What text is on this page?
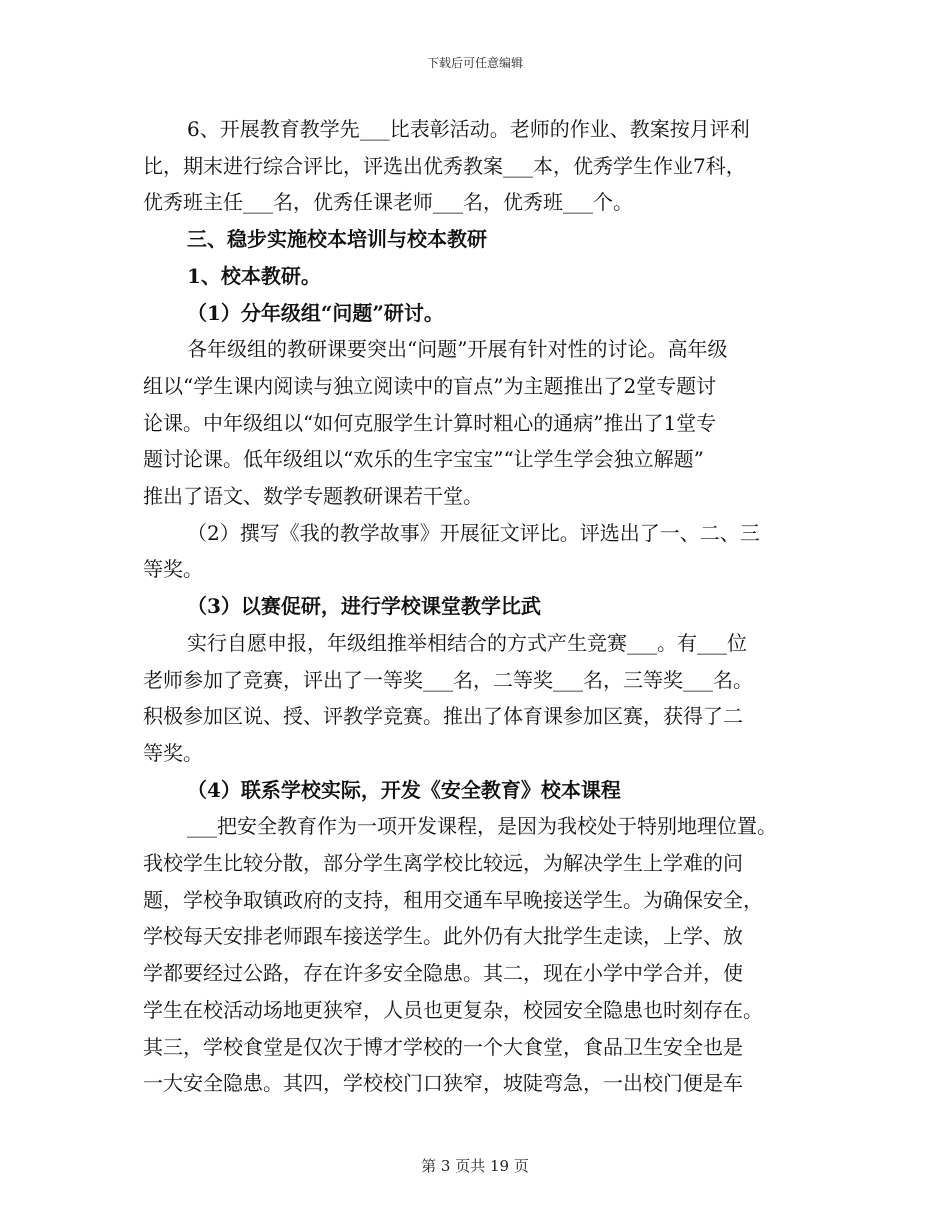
下载后可任意编辑
6、开展教育教学先___比表彰活动。老师的作业、教案按月评利
比，期末进行综合评比，评选出优秀教案___本，优秀学生作业7科，
优秀班主任___名，优秀任课老师___名，优秀班___个。
三、稳步实施校本培训与校本教研
1、校本教研。
（1）分年级组“问题”研讨。
各年级组的教研课要突出“问题”开展有针对性的讨论。高年级
组以“学生课内阅读与独立阅读中的盲点”为主题推出了2堂专题讨
论课。中年级组以“如何克服学生计算时粗心的通病”推出了1堂专
题讨论课。低年级组以“欢乐的生字宝宝”“让学生学会独立解题”
推出了语文、数学专题教研课若干堂。
（2）撰写《我的教学故事》开展征文评比。评选出了一、二、三
等奖。
（3）以赛促研，进行学校课堂教学比武
实行自愿申报，年级组推举相结合的方式产生竞赛___。有___位
老师参加了竞赛，评出了一等奖___名，二等奖___名，三等奖___名。
积极参加区说、授、评教学竞赛。推出了体育课参加区赛，获得了二
等奖。
（4）联系学校实际，开发《安全教育》校本课程
___把安全教育作为一项开发课程，是因为我校处于特别地理位置。
我校学生比较分散，部分学生离学校比较远，为解决学生上学难的问
题，学校争取镇政府的支持，租用交通车早晚接送学生。为确保安全，
学校每天安排老师跟车接送学生。此外仍有大批学生走读，上学、放
学都要经过公路，存在许多安全隐患。其二，现在小学中学合并，使
学生在校活动场地更狭窄，人员也更复杂，校园安全隐患也时刻存在。
其三，学校食堂是仅次于博才学校的一个大食堂，食品卫生安全也是
一大安全隐患。其四，学校校门口狭窄，坡陡弯急，一出校门便是车
第 3 页共 19 页
